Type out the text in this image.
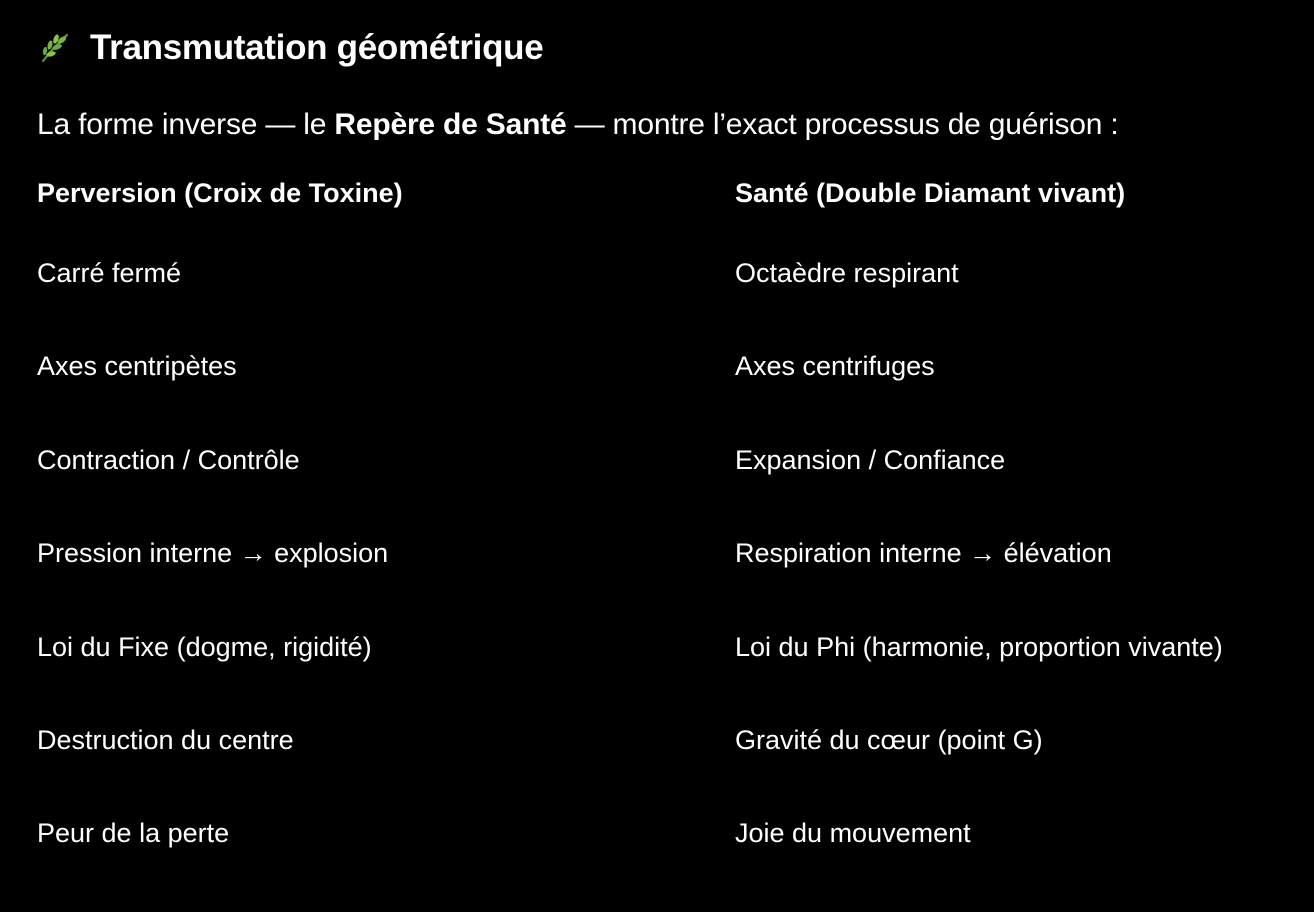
Transmutation géométrique
La forme inverse — le Repère de Santé — montre l’exact processus de guérison :
Perversion (Croix de Toxine)	Santé (Double Diamant vivant)
Carré fermé	Octaèdre respirant
Axes centripètes	Axes centrifuges
Contraction / Contrôle	Expansion / Confiance
Pression interne → explosion	Respiration interne → élévation
Loi du Fixe (dogme, rigidité)	Loi du Phi (harmonie, proportion vivante)
Destruction du centre	Gravité du cœur (point G)
Peur de la perte	Joie du mouvement
